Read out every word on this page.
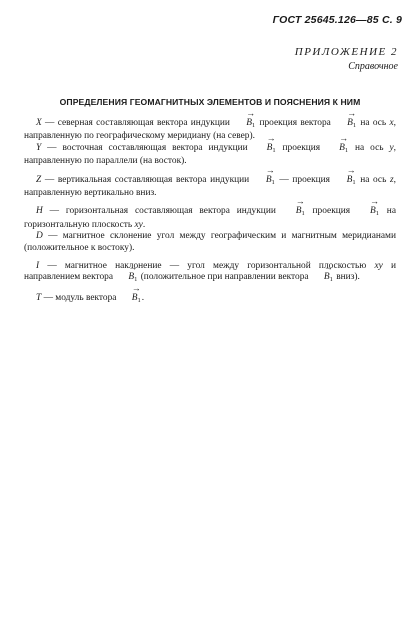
ГОСТ 25645.126—85 С. 9
ПРИЛОЖЕНИЕ 2
Справочное
ОПРЕДЕЛЕНИЯ ГЕОМАГНИТНЫХ ЭЛЕМЕНТОВ И ПОЯСНЕНИЯ К НИМ

X — северная составляющая вектора индукции → $B_1$ проекция вектора → $B_1$ на ось x, направленную по географическому меридиану (на север).

Y — восточная составляющая вектора индукции → $B_1$ проекция → $B_1$ на ось y, направленную по параллели (на восток).

Z — вертикальная составляющая вектора индукции → $B_1$ — проекция → $B_1$ на ось z, направленную вертикально вниз.

H — горизонтальная составляющая вектора индукции → $B_1$ проекция → $B_1$ на горизонтальную плоскость xy.

D — магнитное склонение угол между географическим и магнитным меридианами (положительное к востоку).

I — магнитное наклонение — угол между горизонтальной плоскостью xy и направлением вектора → $B_1$ (положительное при направлении вектора → $B_1$ вниз).

T — модуль вектора → $B_1$.
